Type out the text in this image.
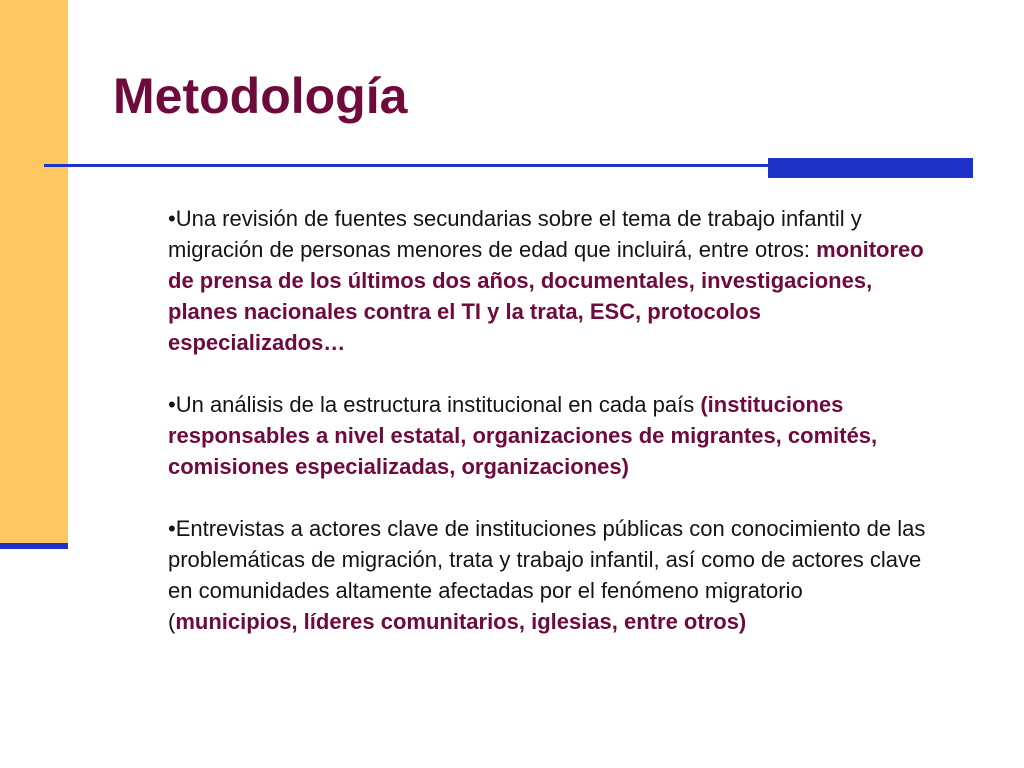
Metodología

•Una revisión de fuentes secundarias sobre el tema de trabajo infantil y migración de personas menores de edad que incluirá, entre otros: monitoreo de prensa de los últimos dos años, documentales, investigaciones, planes nacionales contra el TI y la trata, ESC, protocolos especializados…

•Un análisis de la estructura institucional en cada país (instituciones responsables a nivel estatal, organizaciones de migrantes, comités, comisiones especializadas, organizaciones)

•Entrevistas a actores clave de instituciones públicas con conocimiento de las problemáticas de migración, trata y trabajo infantil, así como de actores clave en comunidades altamente afectadas por el fenómeno migratorio (municipios, líderes comunitarios, iglesias, entre otros)
